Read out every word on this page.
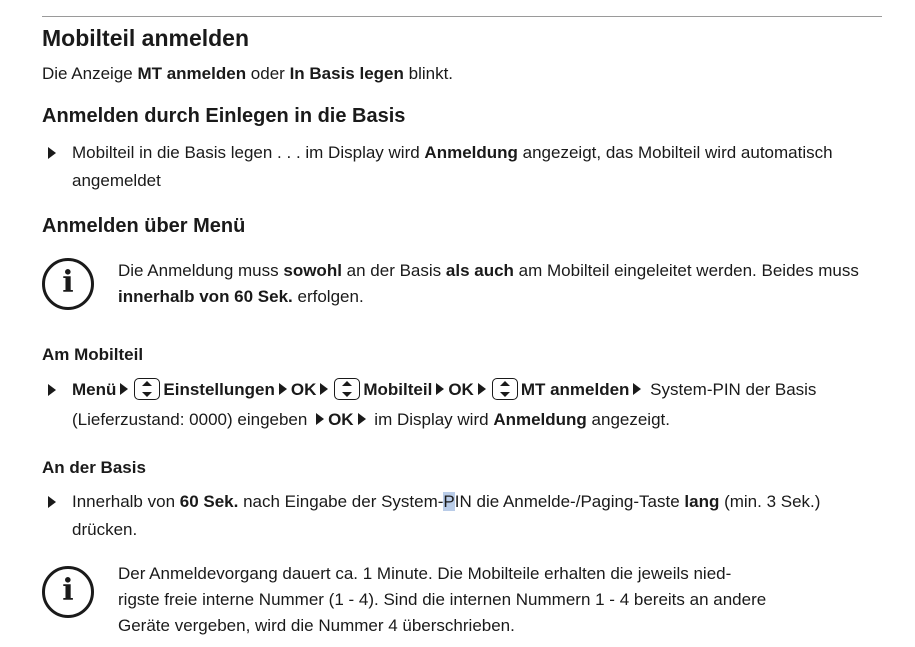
Mobilteil anmelden
Die Anzeige MT anmelden oder In Basis legen blinkt.
Anmelden durch Einlegen in die Basis
Mobilteil in die Basis legen . . . im Display wird Anmeldung angezeigt, das Mobilteil wird automatisch angemeldet
Anmelden über Menü
i	Die Anmeldung muss sowohl an der Basis als auch am Mobilteil eingeleitet werden. Beides muss innerhalb von 60 Sek. erfolgen.
Am Mobilteil
Menü	Einstellungen OK	Mobilteil OK	MT anmelden System-PIN der Basis (Lieferzustand: 0000) eingeben OK im Display wird Anmeldung angezeigt.
An der Basis
Innerhalb von 60 Sek. nach Eingabe der System-PIN die Anmelde-/Paging-Taste lang (min. 3 Sek.) drücken.
i	Der Anmeldevorgang dauert ca. 1 Minute. Die Mobilteile erhalten die jeweils nied-
rigste freie interne Nummer (1 - 4). Sind die internen Nummern 1 - 4 bereits an andere
Geräte vergeben, wird die Nummer 4 überschrieben.
